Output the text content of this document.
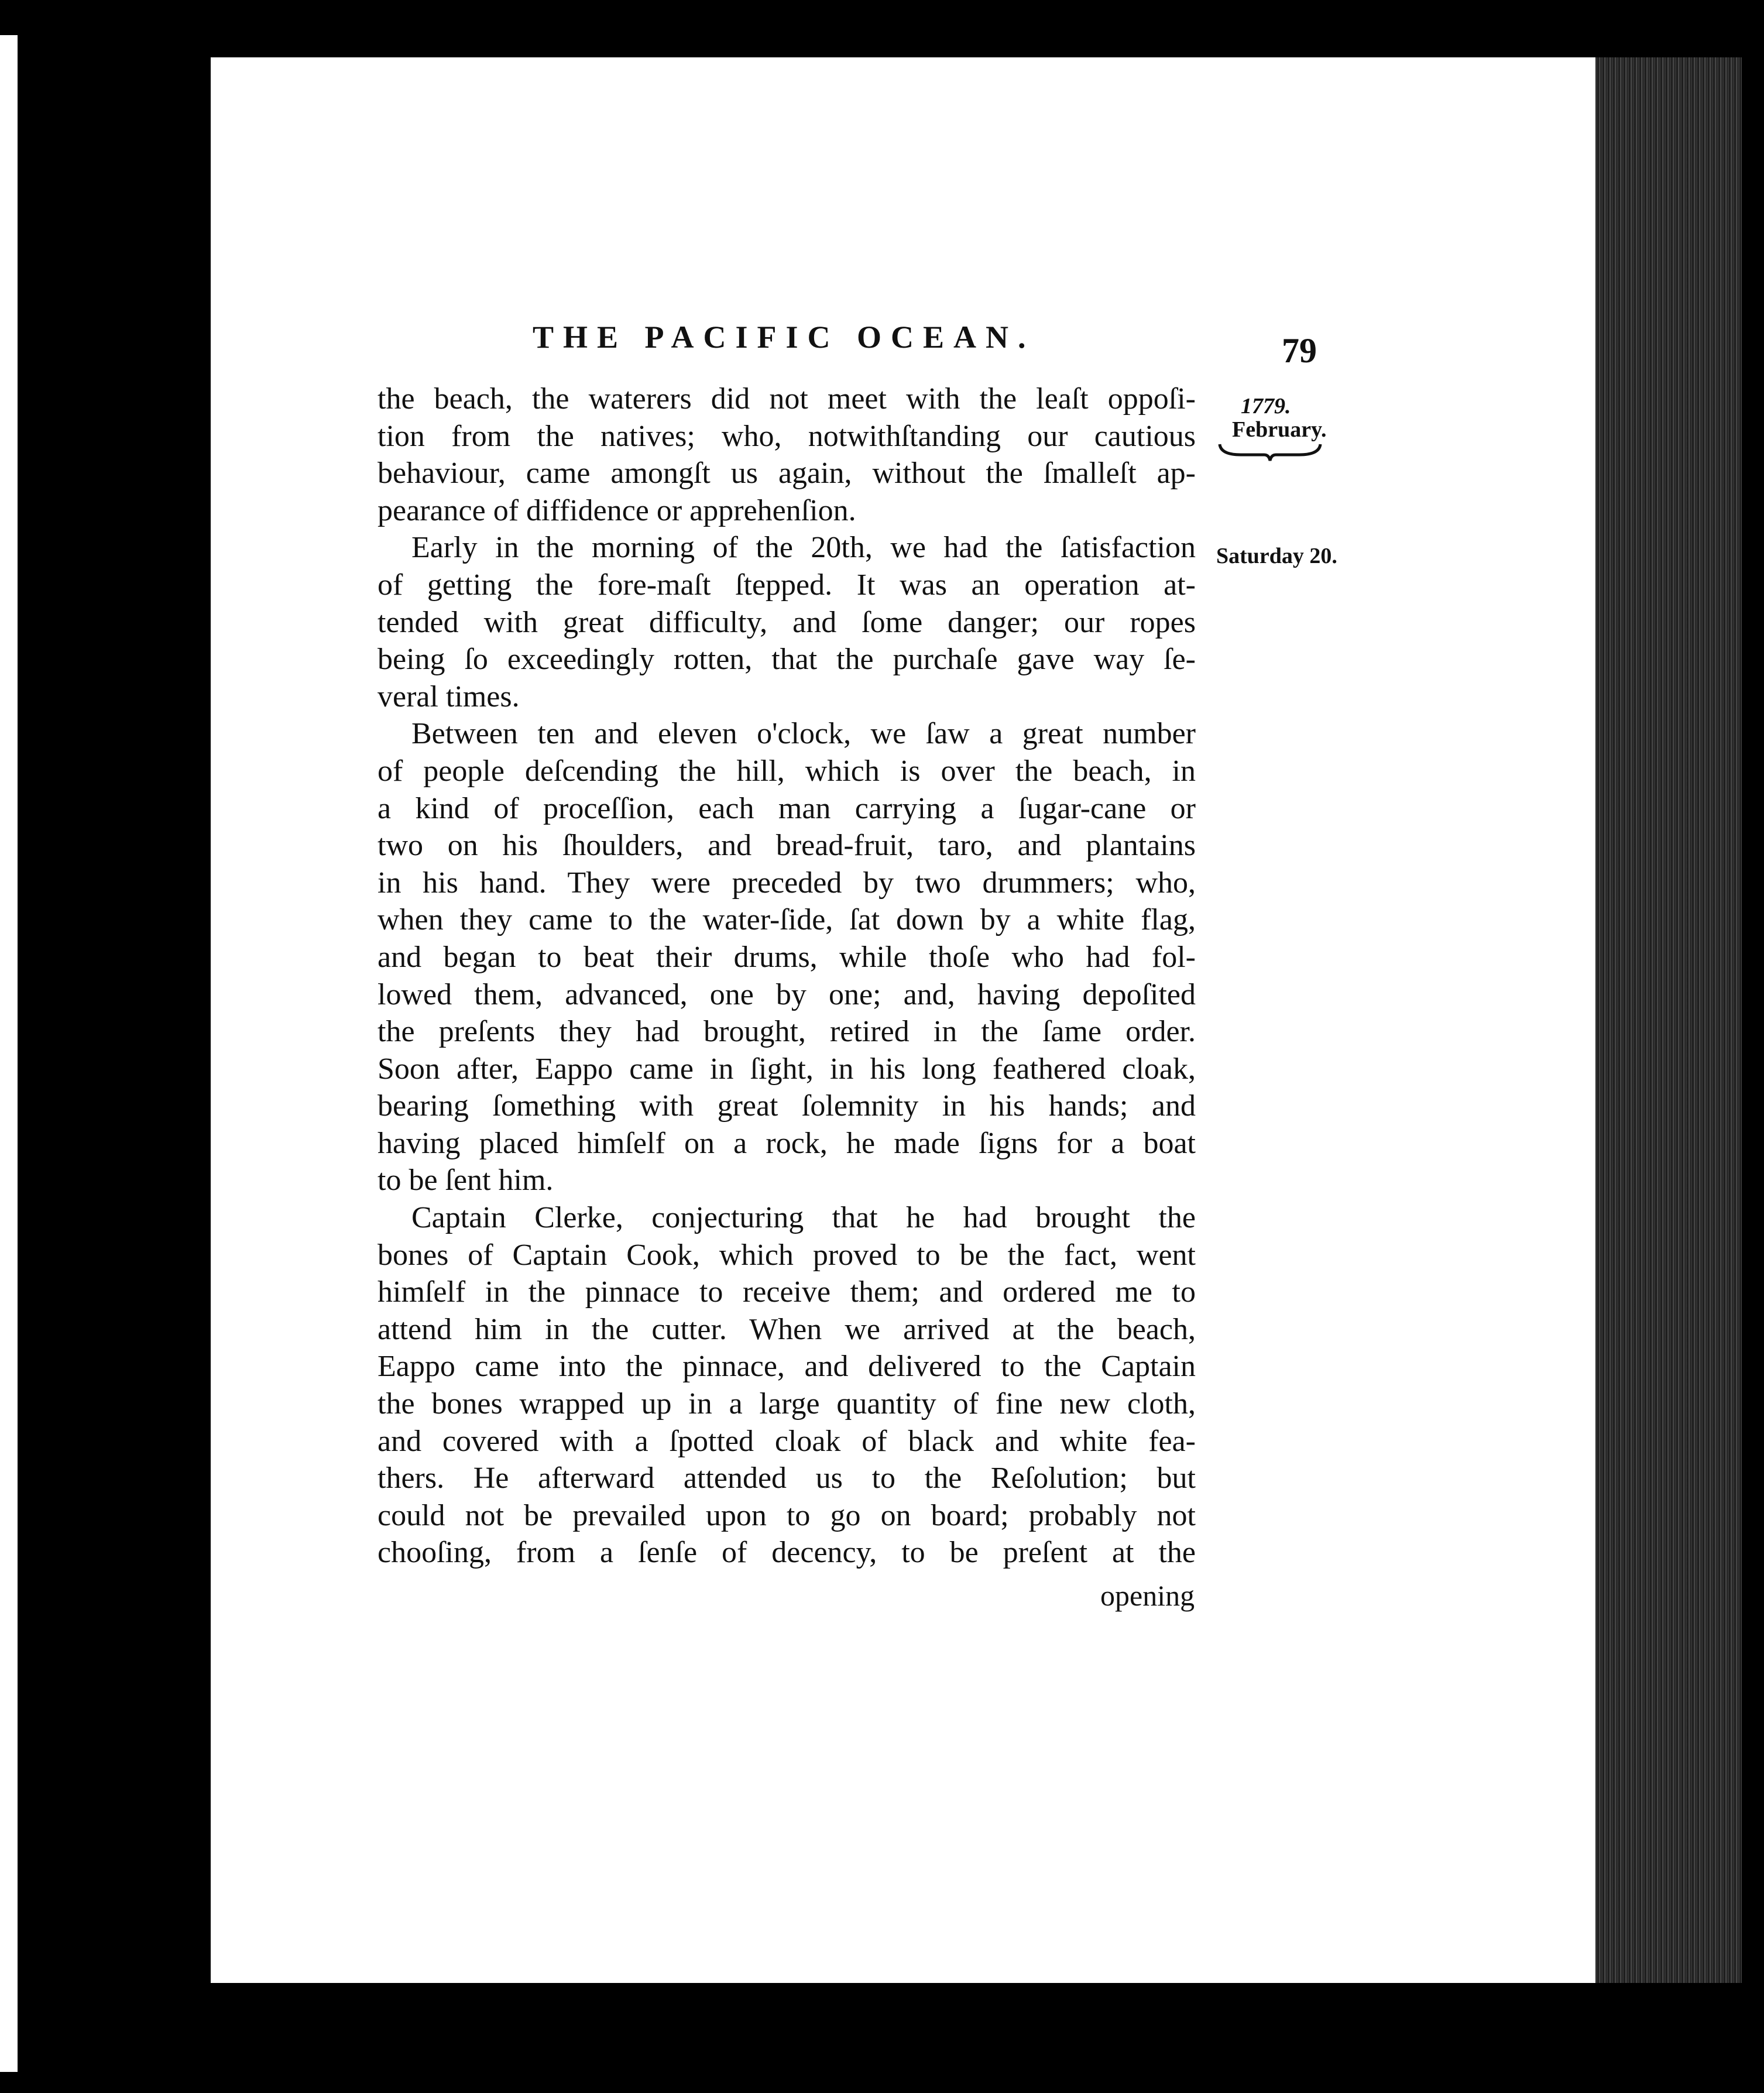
THE PACIFIC OCEAN.	79
1779.
February.
Saturday 20.
the beach, the waterers did not meet with the leaſt oppoſi-
tion from the natives; who, notwithſtanding our cautious
behaviour, came amongſt us again, without the ſmalleſt ap-
pearance of diffidence or apprehenſion.
Early in the morning of the 20th, we had the ſatisfaction
of getting the fore-maſt ſtepped. It was an operation at-
tended with great difficulty, and ſome danger; our ropes
being ſo exceedingly rotten, that the purchaſe gave way ſe-
veral times.
Between ten and eleven o'clock, we ſaw a great number
of people deſcending the hill, which is over the beach, in
a kind of proceſſion, each man carrying a ſugar-cane or
two on his ſhoulders, and bread-fruit, taro, and plantains
in his hand. They were preceded by two drummers; who,
when they came to the water-ſide, ſat down by a white flag,
and began to beat their drums, while thoſe who had fol-
lowed them, advanced, one by one; and, having depoſited
the preſents they had brought, retired in the ſame order.
Soon after, Eappo came in ſight, in his long feathered cloak,
bearing ſomething with great ſolemnity in his hands; and
having placed himſelf on a rock, he made ſigns for a boat
to be ſent him.
Captain Clerke, conjecturing that he had brought the
bones of Captain Cook, which proved to be the fact, went
himſelf in the pinnace to receive them; and ordered me to
attend him in the cutter. When we arrived at the beach,
Eappo came into the pinnace, and delivered to the Captain
the bones wrapped up in a large quantity of fine new cloth,
and covered with a ſpotted cloak of black and white fea-
thers. He afterward attended us to the Reſolution; but
could not be prevailed upon to go on board; probably not
chooſing, from a ſenſe of decency, to be preſent at the
opening
